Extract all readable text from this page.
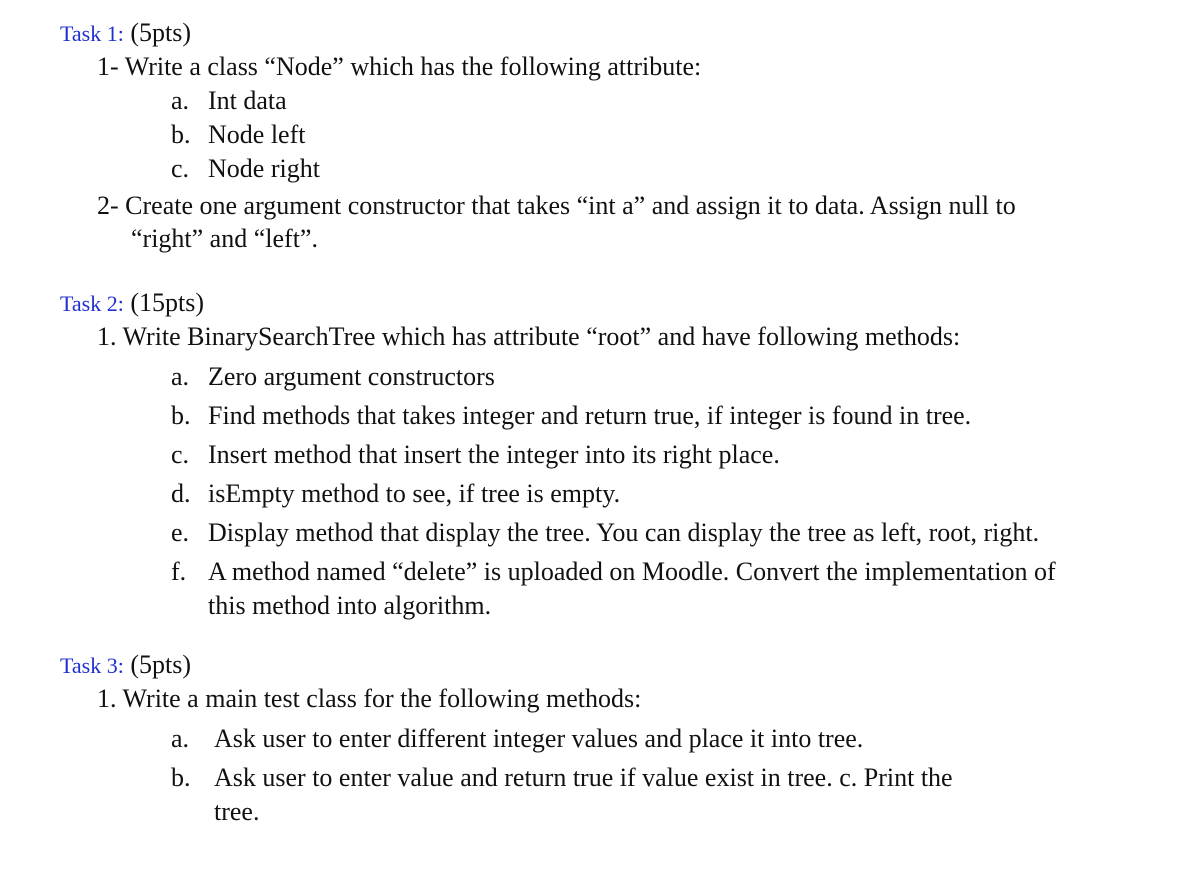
Task 1: (5pts)
1- Write a class “Node” which has the following attribute:
a. Int data
b. Node left
c. Node right
2- Create one argument constructor that takes “int a” and assign it to data. Assign null to
“right” and “left”.
Task 2: (15pts)
1. Write BinarySearchTree which has attribute “root” and have following methods:
a. Zero argument constructors
b. Find methods that takes integer and return true, if integer is found in tree.
c. Insert method that insert the integer into its right place.
d. isEmpty method to see, if tree is empty.
e. Display method that display the tree. You can display the tree as left, root, right.
f. A method named “delete” is uploaded on Moodle. Convert the implementation of
this method into algorithm.
Task 3: (5pts)
1. Write a main test class for the following methods:
a. Ask user to enter different integer values and place it into tree.
b. Ask user to enter value and return true if value exist in tree. c. Print the
tree.
